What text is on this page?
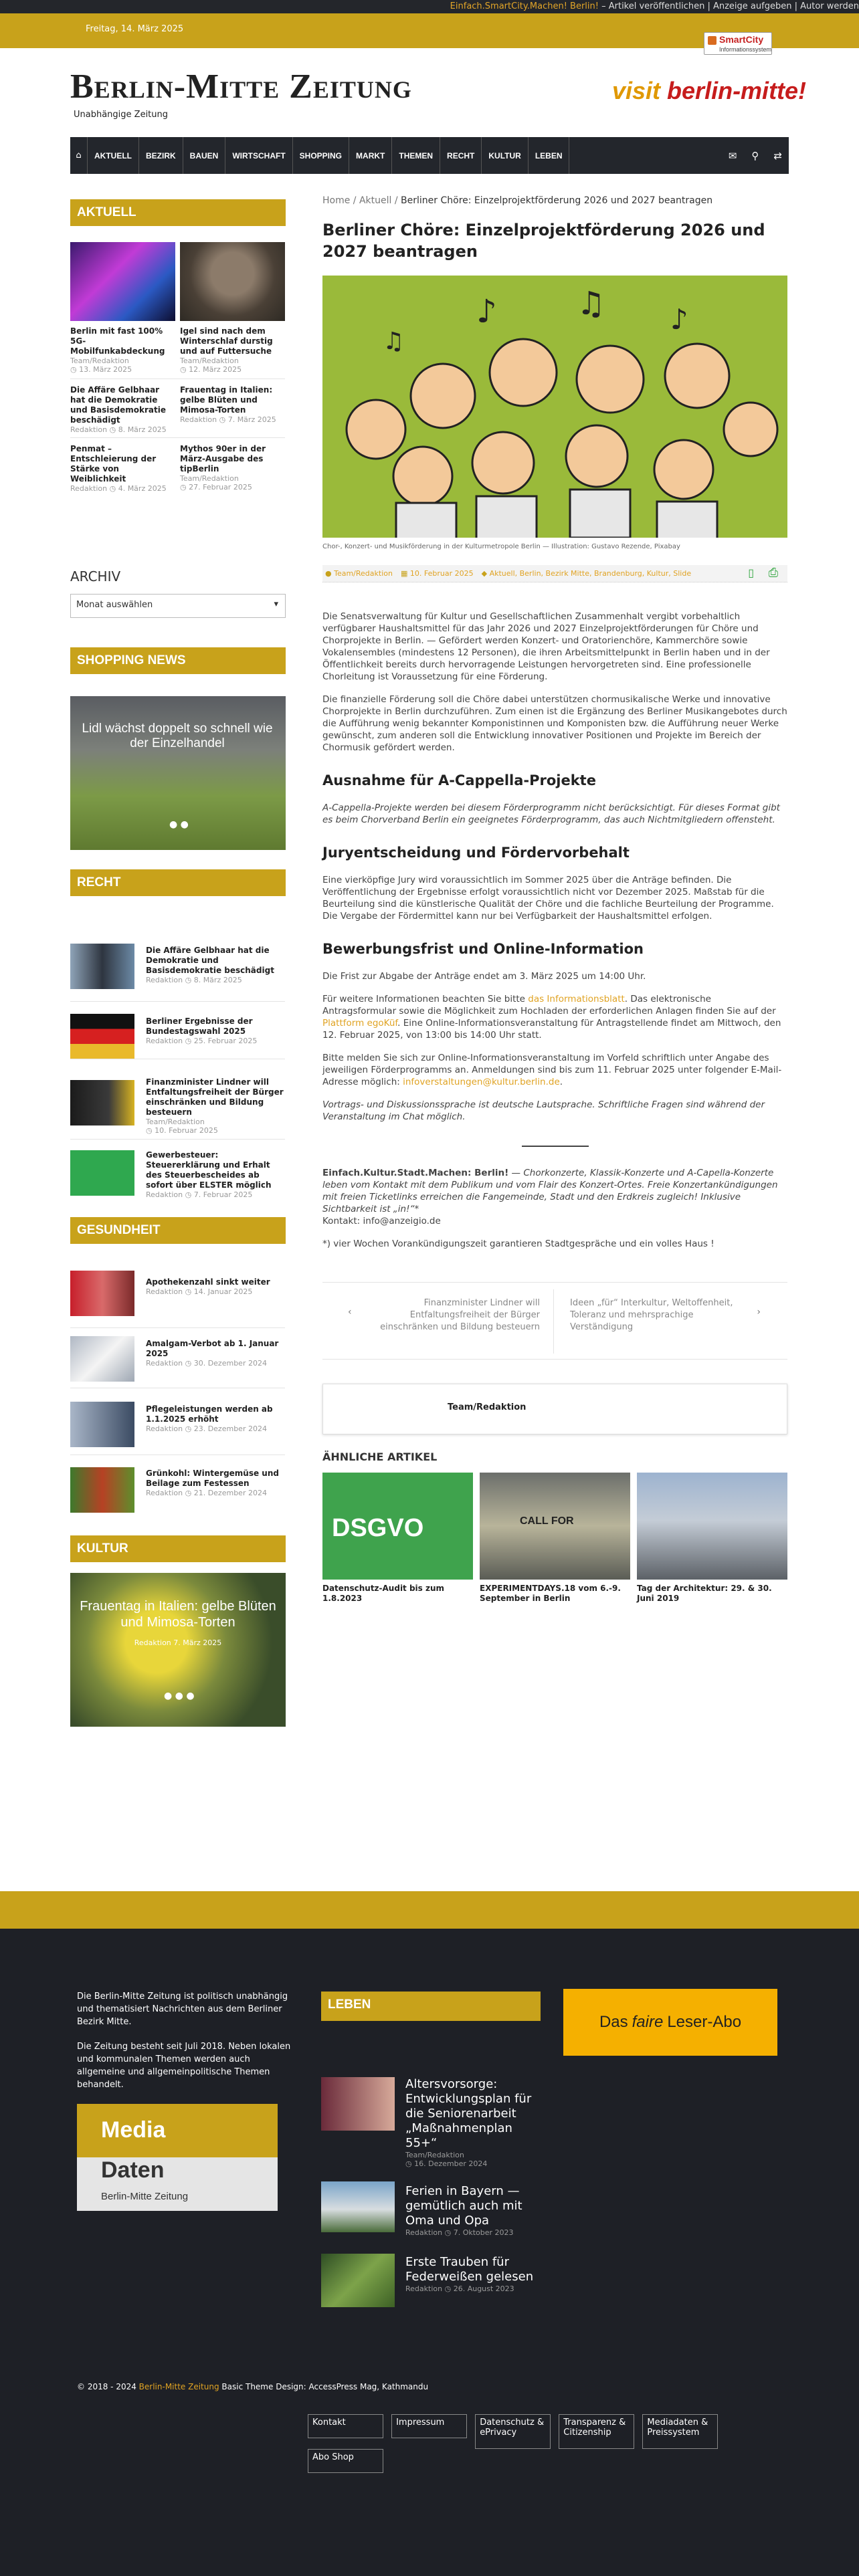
Einfach.SmartCity.Machen! Berlin! – Artikel veröffentlichen | Anzeige aufgeben | Autor werden
Freitag, 14. März 2025
SmartCity
Informationssystem
Berlin-Mitte Zeitung
Unabhängige Zeitung
visit berlin-mitte!
⌂	AKTUELL	BEZIRK	BAUEN	WIRTSCHAFT	SHOPPING	MARKT	THEMEN	RECHT	KULTUR	LEBEN	✉ ⚲ ⇄
AKTUELL
Berlin mit fast 100% 5G-Mobilfunkabdeckung
Team/Redaktion
◷ 13. März 2025
Igel sind nach dem Winterschlaf durstig und auf Futtersuche
Team/Redaktion
◷ 12. März 2025
Die Affäre Gelbhaar hat die Demokratie und Basisdemokratie beschädigt
Redaktion ◷ 8. März 2025
Frauentag in Italien: gelbe Blüten und Mimosa-Torten
Redaktion ◷ 7. März 2025
Penmat – Entschleierung der Stärke von Weiblichkeit
Redaktion ◷ 4. März 2025
Mythos 90er in der März-Ausgabe des tipBerlin
Team/Redaktion
◷ 27. Februar 2025
ARCHIV
Monat auswählen	▾
SHOPPING NEWS
Lidl wächst doppelt so schnell wie der Einzelhandel
● ●
RECHT
Die Affäre Gelbhaar hat die Demokratie und Basisdemokratie beschädigt
Redaktion ◷ 8. März 2025
Berliner Ergebnisse der Bundestagswahl 2025
Redaktion ◷ 25. Februar 2025
Finanzminister Lindner will Entfaltungsfreiheit der Bürger einschränken und Bildung besteuern
Team/Redaktion
◷ 10. Februar 2025
Gewerbesteuer: Steuererklärung und Erhalt des Steuerbescheides ab sofort über ELSTER möglich
Redaktion ◷ 7. Februar 2025
GESUNDHEIT
Apothekenzahl sinkt weiter
Redaktion ◷ 14. Januar 2025
Amalgam-Verbot ab 1. Januar 2025
Redaktion ◷ 30. Dezember 2024
Pflegeleistungen werden ab 1.1.2025 erhöht
Redaktion ◷ 23. Dezember 2024
Grünkohl: Wintergemüse und Beilage zum Festessen
Redaktion ◷ 21. Dezember 2024
KULTUR
Frauentag in Italien: gelbe Blüten und Mimosa-Torten
Redaktion 7. März 2025
● ● ●
Home / Aktuell / Berliner Chöre: Einzelprojektförderung 2026 und 2027 beantragen
Berliner Chöre: Einzelprojektförderung 2026 und 2027 beantragen
♪ ♫ ♪
♫
Chor-, Konzert- und Musikförderung in der Kulturmetropole Berlin — Illustration: Gustavo Rezende, Pixabay
● Team/Redaktion ▦ 10. Februar 2025 ◆ Aktuell, Berlin, Bezirk Mitte, Brandenburg, Kultur, Slide	▯ ⎙

Die Senatsverwaltung für Kultur und Gesellschaftlichen Zusammenhalt vergibt vorbehaltlich verfügbarer Haushaltsmittel für das Jahr 2026 und 2027 Einzelprojektförderungen für Chöre und Chorprojekte in Berlin. — Gefördert werden Konzert- und Oratorienchöre, Kammerchöre sowie Vokalensembles (mindestens 12 Personen), die ihren Arbeitsmittelpunkt in Berlin haben und in der Öffentlichkeit bereits durch hervorragende Leistungen hervorgetreten sind. Eine professionelle Chorleitung ist Voraussetzung für eine Förderung.

Die finanzielle Förderung soll die Chöre dabei unterstützen chormusikalische Werke und innovative Chorprojekte in Berlin durchzuführen. Zum einen ist die Ergänzung des Berliner Musikangebotes durch die Aufführung wenig bekannter Komponistinnen und Komponisten bzw. die Aufführung neuer Werke gewünscht, zum anderen soll die Entwicklung innovativer Positionen und Projekte im Bereich der Chormusik gefördert werden.

Ausnahme für A-Cappella-Projekte

A-Cappella-Projekte werden bei diesem Förderprogramm nicht berücksichtigt. Für dieses Format gibt es beim Chorverband Berlin ein geeignetes Förderprogramm, das auch Nichtmitgliedern offensteht.

Juryentscheidung und Fördervorbehalt

Eine vierköpfige Jury wird voraussichtlich im Sommer 2025 über die Anträge befinden. Die Veröffentlichung der Ergebnisse erfolgt voraussichtlich nicht vor Dezember 2025. Maßstab für die Beurteilung sind die künstlerische Qualität der Chöre und die fachliche Beurteilung der Programme.

Die Vergabe der Fördermittel kann nur bei Verfügbarkeit der Haushaltsmittel erfolgen.

Bewerbungsfrist und Online-Information

Die Frist zur Abgabe der Anträge endet am 3. März 2025 um 14:00 Uhr.

Für weitere Informationen beachten Sie bitte das Informationsblatt. Das elektronische Antragsformular sowie die Möglichkeit zum Hochladen der erforderlichen Anlagen finden Sie auf der Plattform egoKüf. Eine Online-Informationsveranstaltung für Antragstellende findet am Mittwoch, den 12. Februar 2025, von 13:00 bis 14:00 Uhr statt.

Bitte melden Sie sich zur Online-Informationsveranstaltung im Vorfeld schriftlich unter Angabe des jeweiligen Förderprogramms an. Anmeldungen sind bis zum 11. Februar 2025 unter folgender E-Mail-Adresse möglich: infoverstaltungen@kultur.berlin.de.

Vortrags- und Diskussionssprache ist deutsche Lautsprache. Schriftliche Fragen sind während der Veranstaltung im Chat möglich.

Einfach.Kultur.Stadt.Machen: Berlin! — Chorkonzerte, Klassik-Konzerte und A-Capella-Konzerte leben vom Kontakt mit dem Publikum und vom Flair des Konzert-Ortes. Freie Konzertankündigungen mit freien Ticketlinks erreichen die Fangemeinde, Stadt und den Erdkreis zugleich! Inklusive Sichtbarkeit ist „in!“*

Kontakt: info@anzeigio.de

*) vier Wochen Vorankündigungszeit garantieren Stadtgespräche und ein volles Haus !

‹
Finanzminister Lindner will Entfaltungsfreiheit der Bürger einschränken und Bildung besteuern
Ideen „für“ Interkultur, Weltoffenheit, Toleranz und mehrsprachige Verständigung
›
Team/Redaktion
ÄHNLICHE ARTIKEL
DSGVO
Datenschutz-Audit bis zum 1.8.2023
CALL FOR
EXPERIMENTDAYS.18 vom 6.-9. September in Berlin
Tag der Architektur: 29. & 30. Juni 2019

Die Berlin-Mitte Zeitung ist politisch unabhängig und thematisiert Nachrichten aus dem Berliner Bezirk Mitte.

Die Zeitung besteht seit Juli 2018. Neben lokalen und kommunalen Themen werden auch allgemeine und allgemeinpolitische Themen behandelt.

Media
Daten
Berlin-Mitte Zeitung
LEBEN
Altersvorsorge: Entwicklungsplan für die Seniorenarbeit „Maßnahmenplan 55+“
Team/Redaktion
◷ 16. Dezember 2024
Ferien in Bayern — gemütlich auch mit Oma und Opa
Redaktion ◷ 7. Oktober 2023
Erste Trauben für Federweißen gelesen
Redaktion ◷ 26. August 2023
Das faire Leser-Abo
© 2018 - 2024 Berlin-Mitte Zeitung Basic Theme Design: AccessPress Mag, Kathmandu
Kontakt	Impressum	Datenschutz & ePrivacy Transparenz & Citizenship Mediadaten & Preissystem Abo Shop
